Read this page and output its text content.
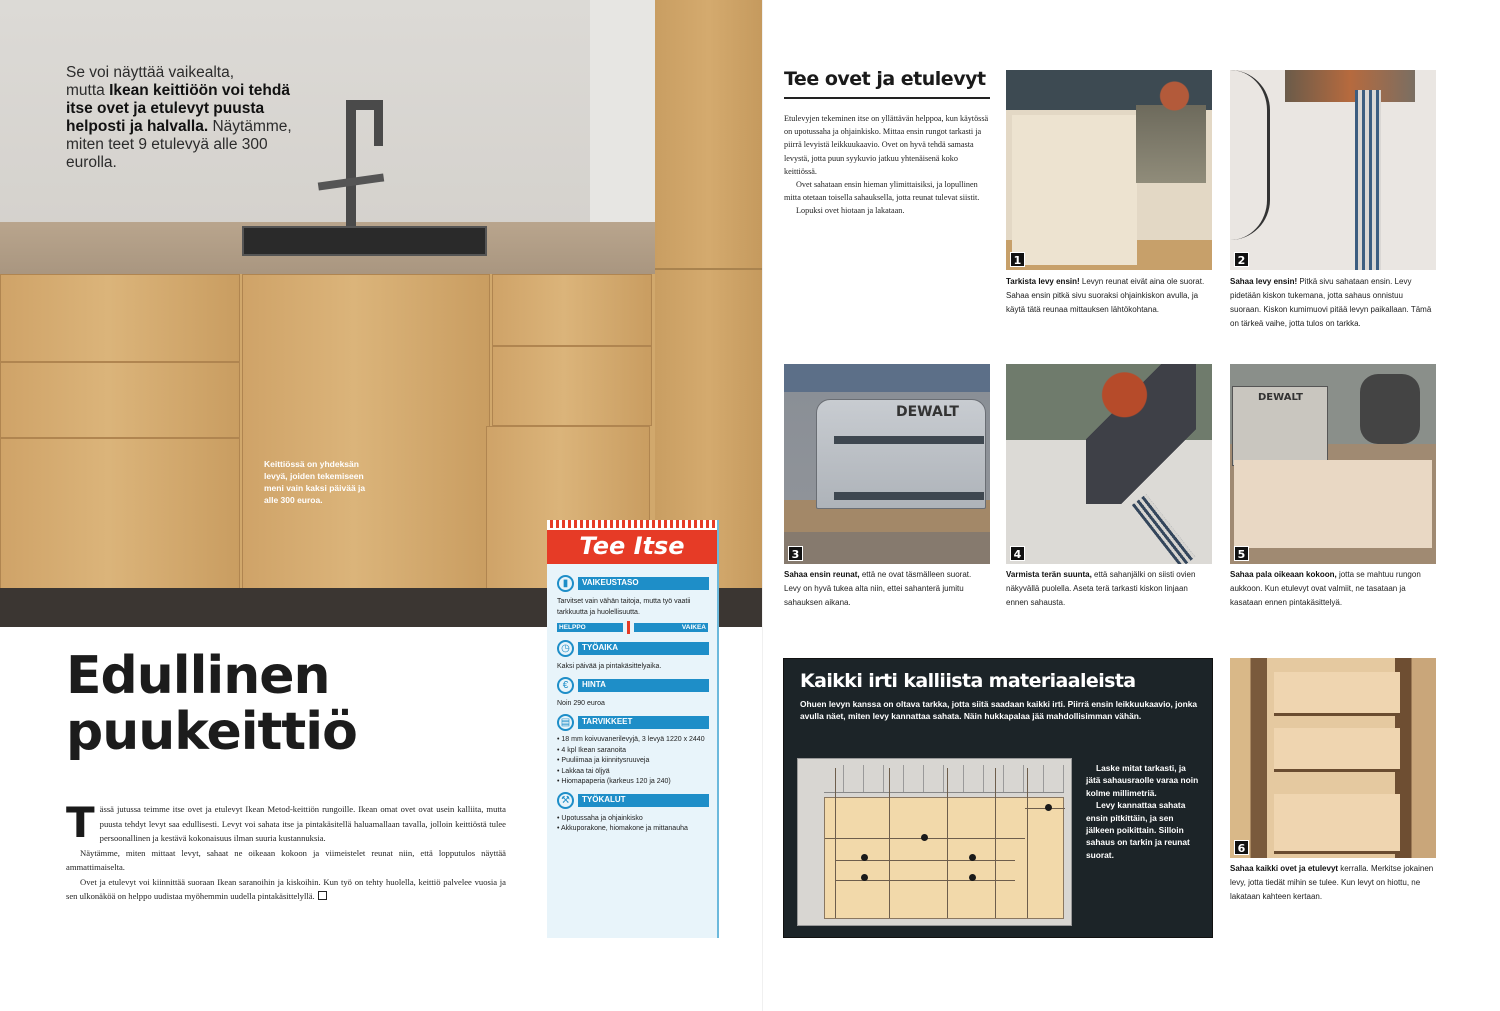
Se voi näyttää vaikealta,
mutta Ikean keittiöön voi tehdä itse ovet ja etulevyt puusta helposti ja halvalla. Näytämme, miten teet 9 etulevyä alle 300 eurolla.
Keittiössä on yhdeksän levyä, joiden tekemiseen meni vain kaksi päivää ja alle 300 euroa.
Edullinen
puukeittiö

Tässä jutussa teimme itse ovet ja etulevyt Ikean Metod-keittiön rungoille. Ikean omat ovet ovat usein kalliita, mutta puusta tehdyt levyt saa edullisesti. Levyt voi sahata itse ja pintakäsitellä haluamallaan tavalla, jolloin keittiöstä tulee persoonallinen ja kestävä kokonaisuus ilman suuria kustannuksia.

Näytämme, miten mittaat levyt, sahaat ne oikeaan kokoon ja viimeistelet reunat niin, että lopputulos näyttää ammattimaiselta.

Ovet ja etulevyt voi kiinnittää suoraan Ikean saranoihin ja kiskoihin. Kun työ on tehty huolella, keittiö palvelee vuosia ja sen ulkonäköä on helppo uudistaa myöhemmin uudella pintakäsittelyllä.

Tee Itse
▮	VAIKEUSTASO
Tarvitset vain vähän taitoja, mutta työ vaatii tarkkuutta ja huolellisuutta.
HELPPO	VAIKEA
◷	TYÖAIKA
Kaksi päivää ja pintakäsittelyaika.
€	HINTA
Noin 290 euroa
▤	TARVIKKEET
• 18 mm koivuvanerilevyjä, 3 levyä 1220 x 2440
• 4 kpl Ikean saranoita
• Puuliimaa ja kiinnitysruuveja
• Lakkaa tai öljyä
• Hiomapaperia (karkeus 120 ja 240)
⚒	TYÖKALUT
• Upotussaha ja ohjainkisko
• Akkuporakone, hiomakone ja mittanauha
Tee ovet ja etulevyt

Etulevyjen tekeminen itse on yllättävän helppoa, kun käytössä on upotussaha ja ohjainkisko. Mittaa ensin rungot tarkasti ja piirrä levyistä leikkuukaavio. Ovet on hyvä tehdä samasta levystä, jotta puun syykuvio jatkuu yhtenäisenä koko keittiössä.

Ovet sahataan ensin hieman ylimittaisiksi, ja lopullinen mitta otetaan toisella sahauksella, jotta reunat tulevat siistit.

Lopuksi ovet hiotaan ja lakataan.

1
Tarkista levy ensin! Levyn reunat eivät aina ole suorat. Sahaa ensin pitkä sivu suoraksi ohjainkiskon avulla, ja käytä tätä reunaa mittauksen lähtökohtana.
2
Sahaa levy ensin! Pitkä sivu sahataan ensin. Levy pidetään kiskon tukemana, jotta sahaus onnistuu suoraan. Kiskon kumimuovi pitää levyn paikallaan. Tämä on tärkeä vaihe, jotta tulos on tarkka.
DEWALT
3
Sahaa ensin reunat, että ne ovat täsmälleen suorat. Levy on hyvä tukea alta niin, ettei sahanterä jumitu sahauksen aikana.
4
Varmista terän suunta, että sahanjälki on siisti ovien näkyvällä puolella. Aseta terä tarkasti kiskon linjaan ennen sahausta.
DEWALT
5
Sahaa pala oikeaan kokoon, jotta se mahtuu rungon aukkoon. Kun etulevyt ovat valmiit, ne tasataan ja kasataan ennen pintakäsittelyä.
Kaikki irti kalliista materiaaleista
Ohuen levyn kanssa on oltava tarkka, jotta siitä saadaan kaikki irti. Piirrä ensin leikkuukaavio, jonka avulla näet, miten levy kannattaa sahata. Näin hukkapalaa jää mahdollisimman vähän.

Laske mitat tarkasti, ja jätä sahausraolle varaa noin kolme millimetriä.

Levy kannattaa sahata ensin pitkittäin, ja sen jälkeen poikittain. Silloin sahaus on tarkin ja reunat suorat.	6
Sahaa kaikki ovet ja etulevyt kerralla. Merkitse jokainen levy, jotta tiedät mihin se tulee. Kun levyt on hiottu, ne lakataan kahteen kertaan.
